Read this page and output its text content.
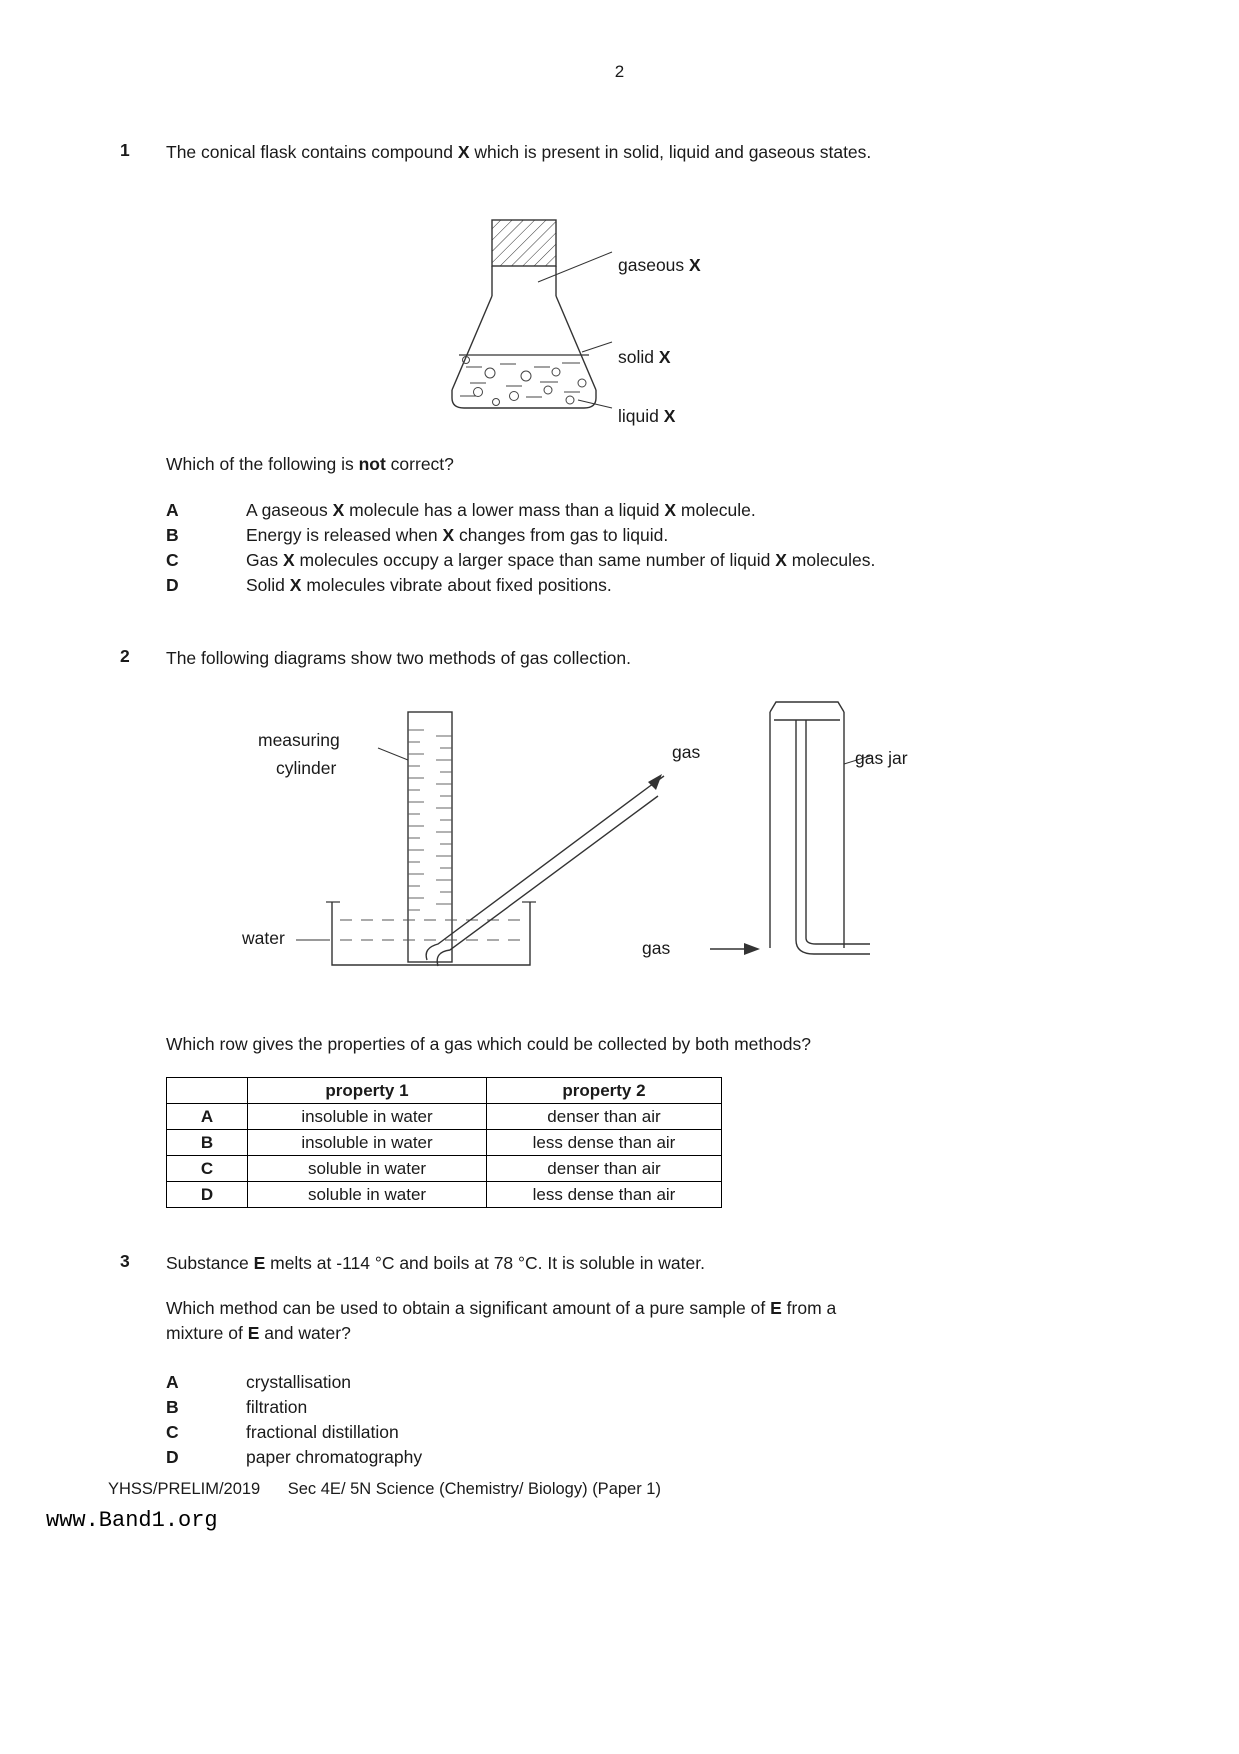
2
1 The conical flask contains compound X which is present in solid, liquid and gaseous states.
gaseous X
solid X
liquid X
Which of the following is not correct?
A	A gaseous X molecule has a lower mass than a liquid X molecule.
B	Energy is released when X changes from gas to liquid.
C	Gas X molecules occupy a larger space than same number of liquid X molecules.
D	Solid X molecules vibrate about fixed positions.
2 The following diagrams show two methods of gas collection.
measuring
cylinder
water
gas	gas jar
gas
Which row gives the properties of a gas which could be collected by both methods?
	property 1	property 2
A	insoluble in water	denser than air
B	insoluble in water	less dense than air
C	soluble in water	denser than air
D	soluble in water	less dense than air
3 Substance E melts at -114 °C and boils at 78 °C. It is soluble in water.
Which method can be used to obtain a significant amount of a pure sample of E from a
mixture of E and water?
A	crystallisation
B	filtration
C	fractional distillation
D	paper chromatography
YHSS/PRELIM/2019      Sec 4E/ 5N Science (Chemistry/ Biology) (Paper 1)
www.Band1.org
